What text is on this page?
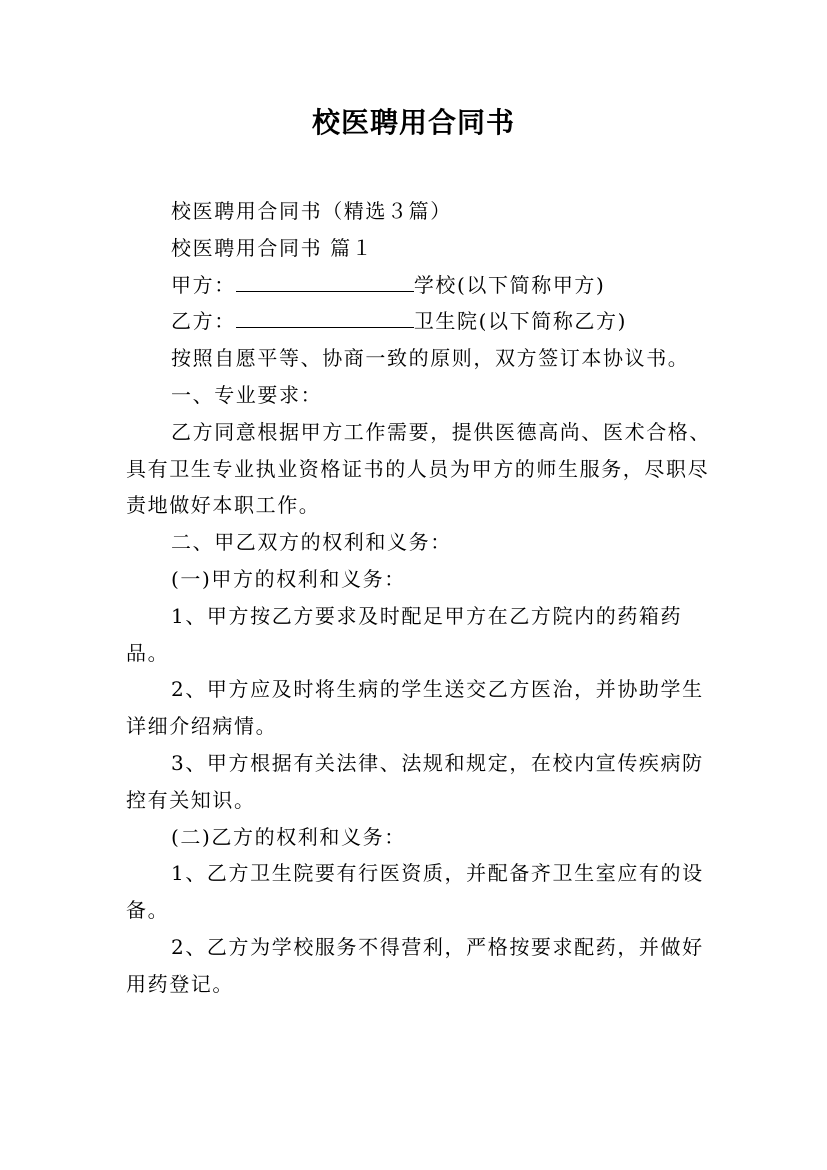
校医聘用合同书

校医聘用合同书（精选３篇）

校医聘用合同书 篇１

甲方：	学校(以下简称甲方)

乙方：	卫生院(以下简称乙方)

按照自愿平等、协商一致的原则，双方签订本协议书。

一、专业要求：

乙方同意根据甲方工作需要，提供医德高尚、医术合格、具有卫生专业执业资格证书的人员为甲方的师生服务，尽职尽责地做好本职工作。

二、甲乙双方的权利和义务：

(一)甲方的权利和义务：

1、甲方按乙方要求及时配足甲方在乙方院内的药箱药品。

2、甲方应及时将生病的学生送交乙方医治，并协助学生详细介绍病情。

3、甲方根据有关法律、法规和规定，在校内宣传疾病防控有关知识。

(二)乙方的权利和义务：

1、乙方卫生院要有行医资质，并配备齐卫生室应有的设备。

2、乙方为学校服务不得营利，严格按要求配药，并做好用药登记。
